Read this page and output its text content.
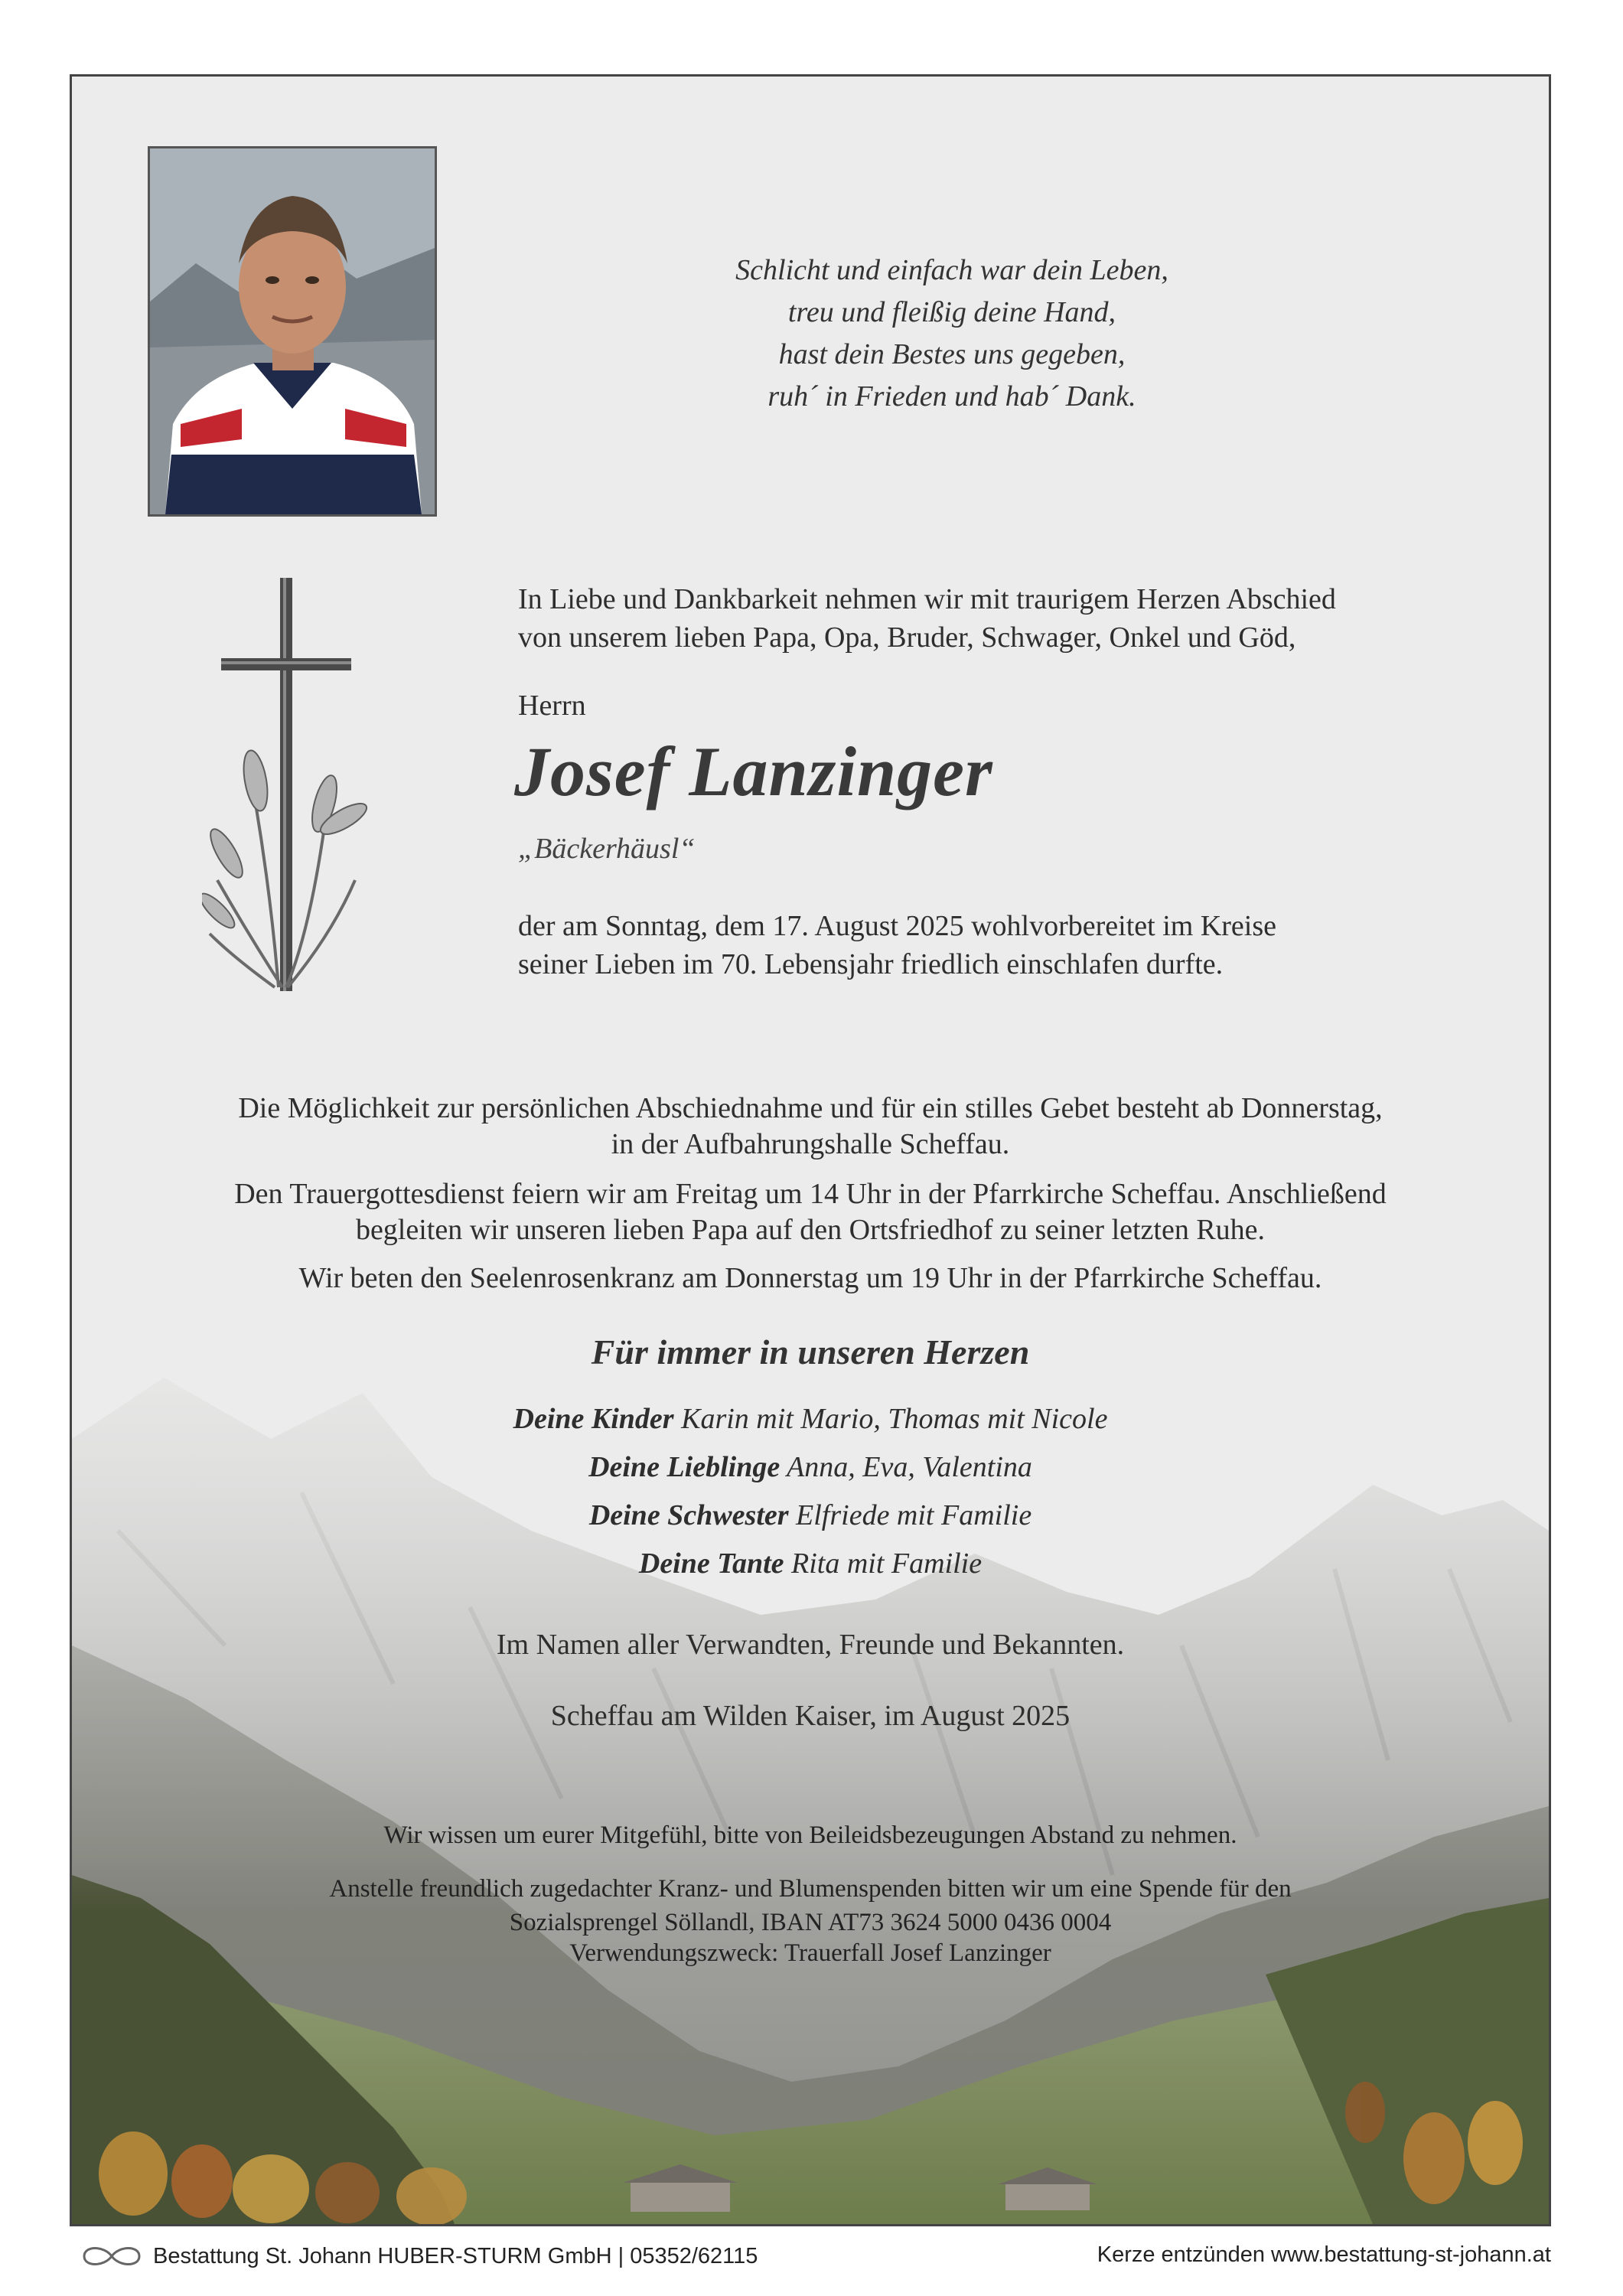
Schlicht und einfach war dein Leben,
treu und fleißig deine Hand,
hast dein Bestes uns gegeben,
ruh´ in Frieden und hab´ Dank.
In Liebe und Dankbarkeit nehmen wir mit traurigem Herzen Abschied
von unserem lieben Papa, Opa, Bruder, Schwager, Onkel und Göd,
Herrn
Josef Lanzinger
„Bäckerhäusl“
der am Sonntag, dem 17. August 2025 wohlvorbereitet im Kreise
seiner Lieben im 70. Lebensjahr friedlich einschlafen durfte.
Die Möglichkeit zur persönlichen Abschiednahme und für ein stilles Gebet besteht ab Donnerstag,
in der Aufbahrungshalle Scheffau.
Den Trauergottesdienst feiern wir am Freitag um 14 Uhr in der Pfarrkirche Scheffau. Anschließend
begleiten wir unseren lieben Papa auf den Ortsfriedhof zu seiner letzten Ruhe.
Wir beten den Seelenrosenkranz am Donnerstag um 19 Uhr in der Pfarrkirche Scheffau.
Für immer in unseren Herzen
Deine Kinder Karin mit Mario, Thomas mit Nicole
Deine Lieblinge Anna, Eva, Valentina
Deine Schwester Elfriede mit Familie
Deine Tante Rita mit Familie
Im Namen aller Verwandten, Freunde und Bekannten.
Scheffau am Wilden Kaiser, im August 2025
Wir wissen um eurer Mitgefühl, bitte von Beileidsbezeugungen Abstand zu nehmen.
Anstelle freundlich zugedachter Kranz- und Blumenspenden bitten wir um eine Spende für den
Sozialsprengel Söllandl, IBAN AT73 3624 5000 0436 0004
Verwendungszweck: Trauerfall Josef Lanzinger
Bestattung St. Johann HUBER-STURM GmbH | 05352/62115	Kerze entzünden www.bestattung-st-johann.at
